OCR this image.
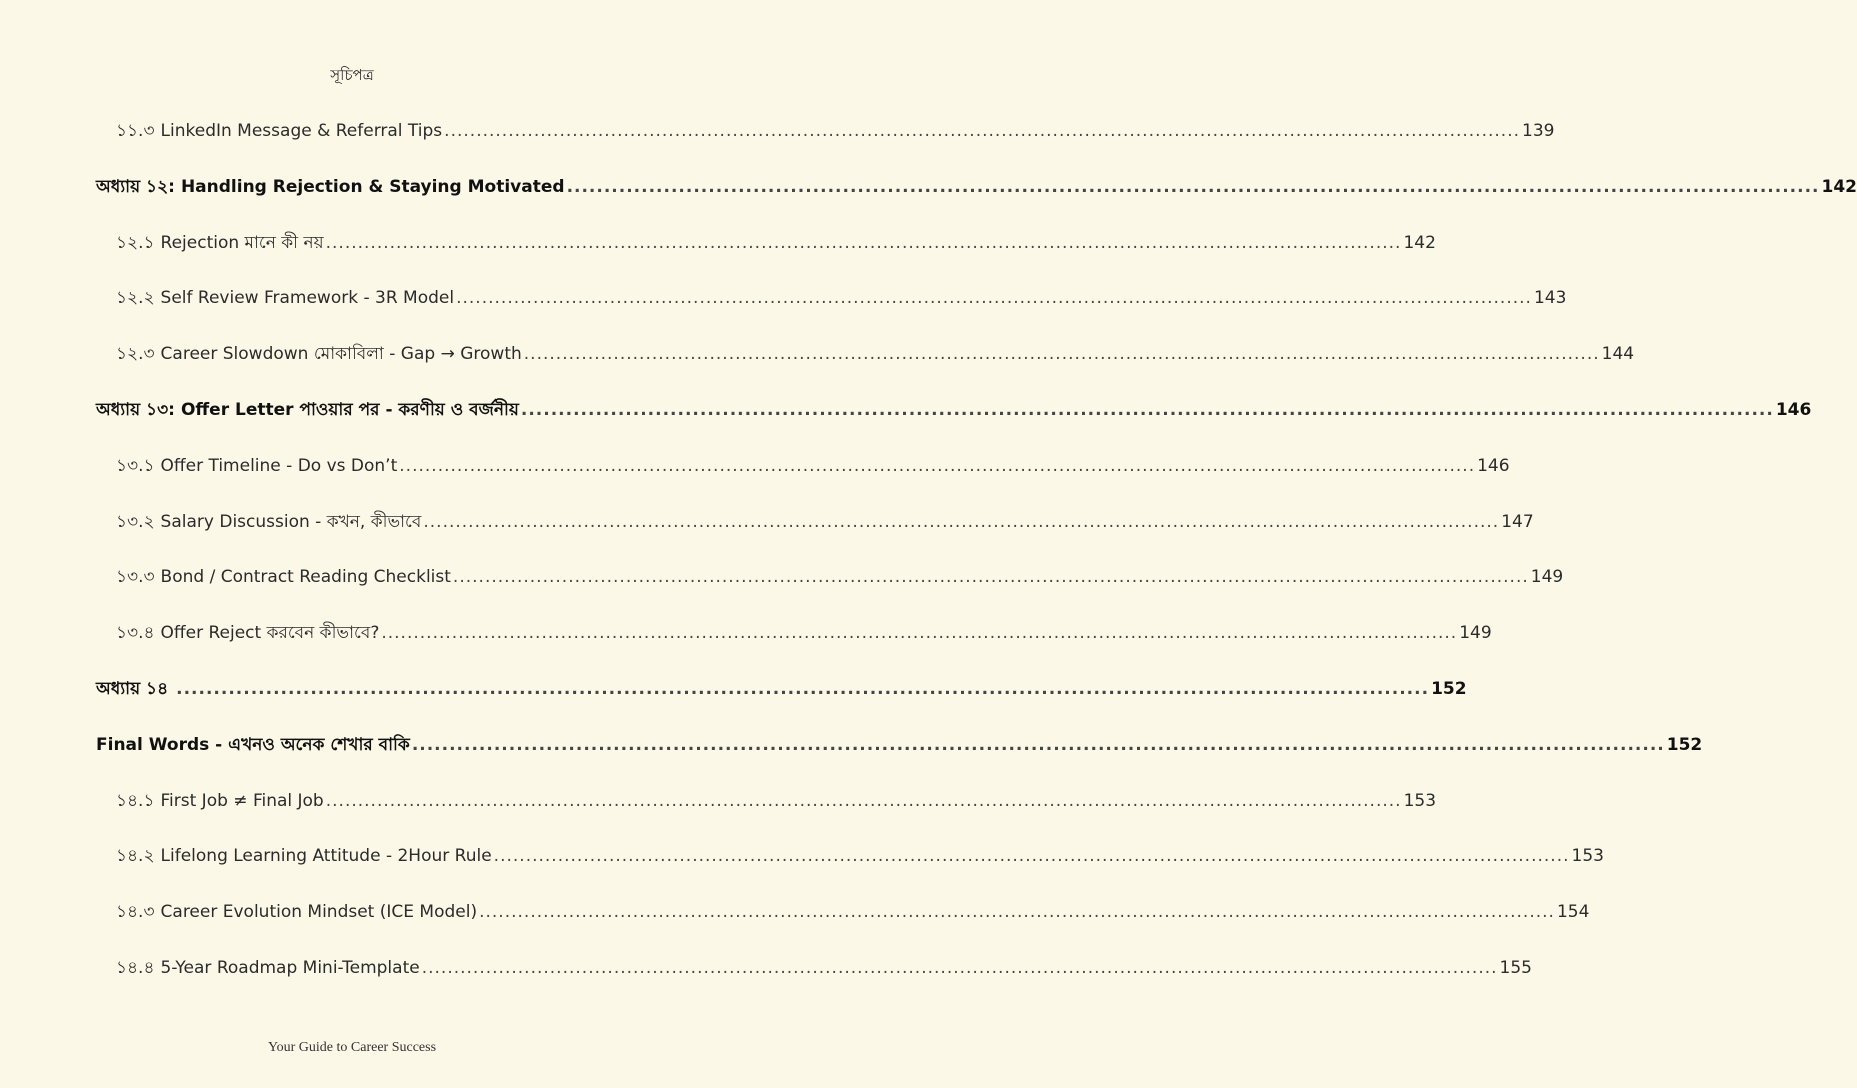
সূচিপত্র
১১.৩ LinkedIn Message & Referral Tips .....	139
অধ্যায় ১২: Handling Rejection & Staying Motivated .....	142
১২.১ Rejection মানে কী নয় .....	142
১২.২ Self Review Framework - 3R Model .....	143
১২.৩ Career Slowdown মোকাবিলা - Gap → Growth .....	144
অধ্যায় ১৩: Offer Letter পাওয়ার পর - করণীয় ও বর্জনীয় .....	146
১৩.১ Offer Timeline - Do vs Don’t .....	146
১৩.২ Salary Discussion - কখন, কীভাবে .....	147
১৩.৩ Bond / Contract Reading Checklist .....	149
১৩.৪ Offer Reject করবেন কীভাবে? .....	149
অধ্যায় ১৪ .....	152
Final Words - এখনও অনেক শেখার বাকি .....	152
১৪.১ First Job ≠ Final Job .....	153
১৪.২ Lifelong Learning Attitude - 2Hour Rule .....	153
১৪.৩ Career Evolution Mindset (ICE Model) .....	154
১৪.৪ 5-Year Roadmap Mini-Template .....	155
Your Guide to Career Success
